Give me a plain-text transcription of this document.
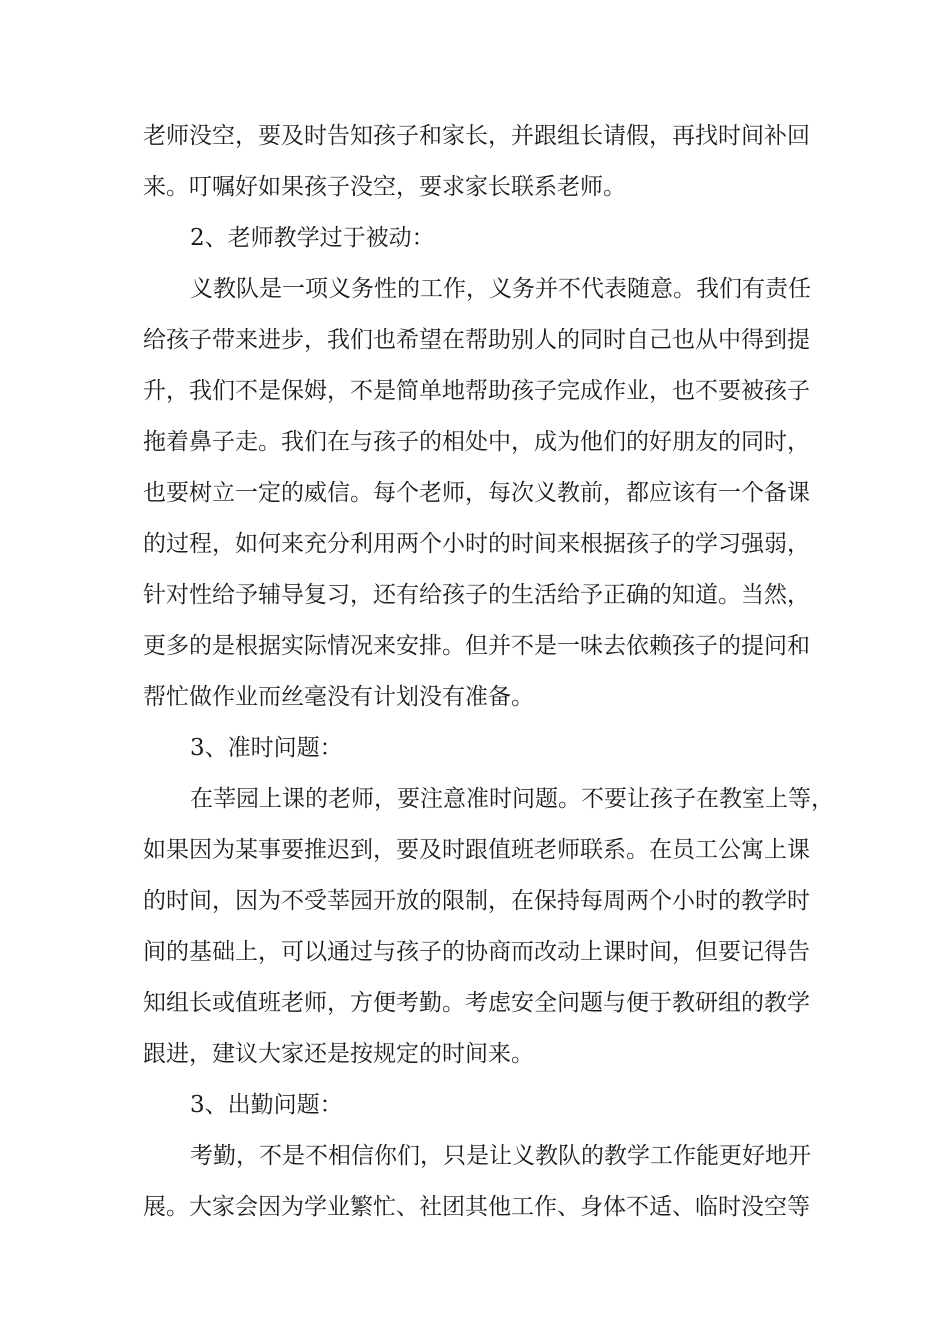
老师没空，要及时告知孩子和家长，并跟组长请假，再找时间补回
来。叮嘱好如果孩子没空，要求家长联系老师。
2、老师教学过于被动：
义教队是一项义务性的工作，义务并不代表随意。我们有责任
给孩子带来进步，我们也希望在帮助别人的同时自己也从中得到提
升，我们不是保姆，不是简单地帮助孩子完成作业，也不要被孩子
拖着鼻子走。我们在与孩子的相处中，成为他们的好朋友的同时，
也要树立一定的威信。每个老师，每次义教前，都应该有一个备课
的过程，如何来充分利用两个小时的时间来根据孩子的学习强弱，
针对性给予辅导复习，还有给孩子的生活给予正确的知道。当然，
更多的是根据实际情况来安排。但并不是一味去依赖孩子的提问和
帮忙做作业而丝毫没有计划没有准备。
3、准时问题：
在莘园上课的老师，要注意准时问题。不要让孩子在教室上等，
如果因为某事要推迟到，要及时跟值班老师联系。在员工公寓上课
的时间，因为不受莘园开放的限制，在保持每周两个小时的教学时
间的基础上，可以通过与孩子的协商而改动上课时间，但要记得告
知组长或值班老师，方便考勤。考虑安全问题与便于教研组的教学
跟进，建议大家还是按规定的时间来。
3、出勤问题：
考勤，不是不相信你们，只是让义教队的教学工作能更好地开
展。大家会因为学业繁忙、社团其他工作、身体不适、临时没空等
